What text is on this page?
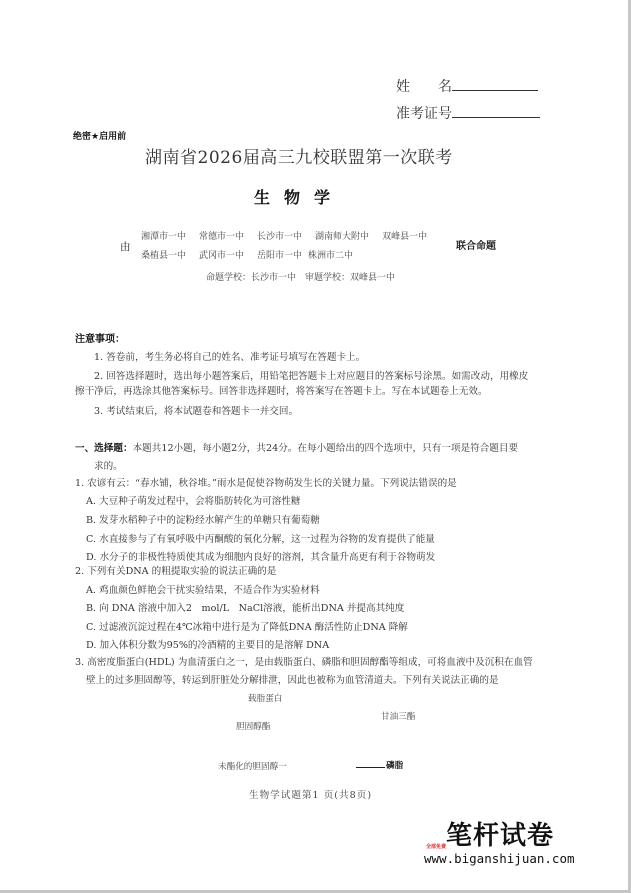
姓　　名
准考证号
绝密★启用前
湖南省2026届高三九校联盟第一次联考
生物学
由
湘潭市一中 常德市一中 长沙市一中 湖南师大附中 双峰县一中
桑植县一中 武冈市一中 岳阳市一中 株洲市二中
联合命题
命题学校：长沙市一中　审题学校：双峰县一中
注意事项：
1. 答卷前，考生务必将自己的姓名、准考证号填写在答题卡上。
2. 回答选择题时，选出每小题答案后，用铅笔把答题卡上对应题目的答案标号涂黑。如需改动，用橡皮
擦干净后，再选涂其他答案标号。回答非选择题时，将答案写在答题卡上。写在本试题卷上无效。
3. 考试结束后，将本试题卷和答题卡一并交回。
一、选择题：本题共12小题，每小题2分，共24分。在每小题给出的四个选项中，只有一项是符合题目要
求的。
1. 农谚有云：“春水铺，秋谷堆。”雨水是促使谷物萌发生长的关键力量。下列说法错误的是
A. 大豆种子萌发过程中，会将脂肪转化为可溶性糖
B. 发芽水稻种子中的淀粉经水解产生的单糖只有葡萄糖
C. 水直接参与了有氧呼吸中丙酮酸的氧化分解，这一过程为谷物的发育提供了能量
D. 水分子的非极性特质使其成为细胞内良好的溶剂，其含量升高更有利于谷物萌发
2. 下列有关DNA 的粗提取实验的说法正确的是
A. 鸡血颜色鲜艳会干扰实验结果，不适合作为实验材料
B. 向 DNA 溶液中加入2　mol/L　NaCl溶液，能析出DNA 并提高其纯度
C. 过滤液沉淀过程在4℃冰箱中进行是为了降低DNA 酶活性防止DNA 降解
D. 加入体积分数为95%的冷酒精的主要目的是溶解 DNA
3. 高密度脂蛋白(HDL) 为血清蛋白之一，是由载脂蛋白、磷脂和胆固醇酯等组成，可将血液中及沉积在血管
壁上的过多胆固醇等，转运到肝脏处分解排泄，因此也被称为血管清道夫。下列有关说法正确的是
载脂蛋白
甘油三酯
胆固醇酯
未酯化的胆固醇一	磷脂
生物学试题第1 页(共8页)
笔杆试卷
全部免费
www.biganshijuan.com
